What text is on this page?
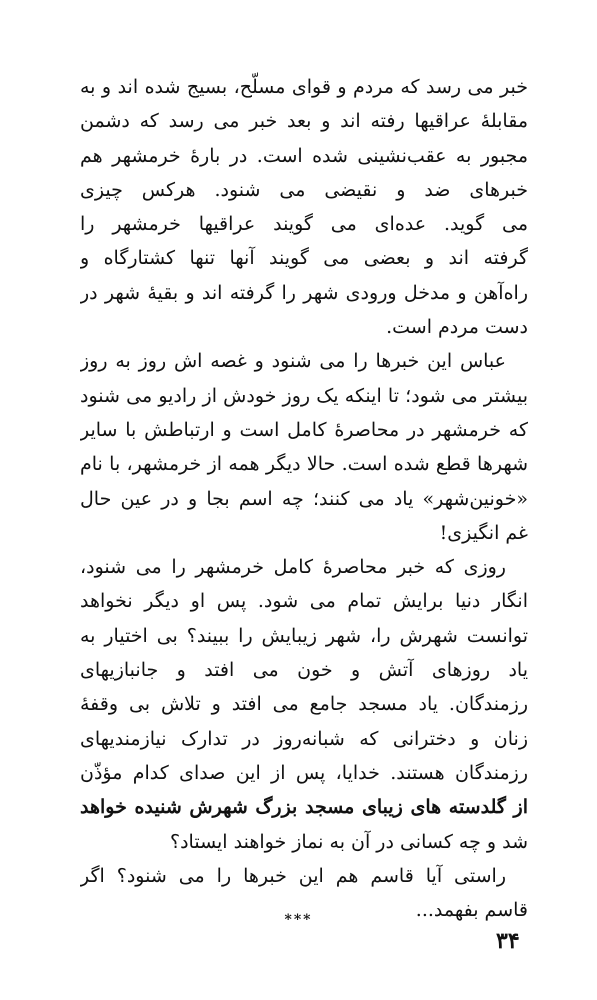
خبر می رسد که مردم و قوای مسلّح، بسیج شده اند و به
مقابلهٔ عراقیها رفته اند و بعد خبر می رسد که دشمن
مجبور به عقب‌نشینی شده است. در بارهٔ خرمشهر هم
خبرهای ضد و نقیضی می شنود. هرکس چیزی
می گوید. عده‌ای می گویند عراقیها خرمشهر را
گرفته اند و بعضی می گویند آنها تنها کشتارگاه و
راه‌آهن و مدخل ورودی شهر را گرفته اند و بقیهٔ شهر در
دست مردم است.
عباس این خبرها را می شنود و غصه اش روز به روز
بیشتر می شود؛ تا اینکه یک روز خودش از رادیو می شنود
که خرمشهر در محاصرهٔ کامل است و ارتباطش با سایر
شهرها قطع شده است. حالا دیگر همه از خرمشهر، با نام
«خونین‌شهر» یاد می کنند؛ چه اسم بجا و در عین حال
غم انگیزی!
روزی که خبر محاصرهٔ کامل خرمشهر را می شنود،
انگار دنیا برایش تمام می شود. پس او دیگر نخواهد
توانست شهرش را، شهر زیبایش را ببیند؟ بی اختیار به
یاد روزهای آتش و خون می افتد و جانبازیهای
رزمندگان. یاد مسجد جامع می افتد و تلاش بی وقفهٔ
زنان و دخترانی که شبانه‌روز در تدارک نیازمندیهای
رزمندگان هستند. خدایا، پس از این صدای کدام مؤذّن
از گلدسته های زیبای مسجد بزرگ شهرش شنیده خواهد
شد و چه کسانی در آن به نماز خواهند ایستاد؟
راستی آیا قاسم هم این خبرها را می شنود؟ اگر
قاسم بفهمد...
***
۳۴
